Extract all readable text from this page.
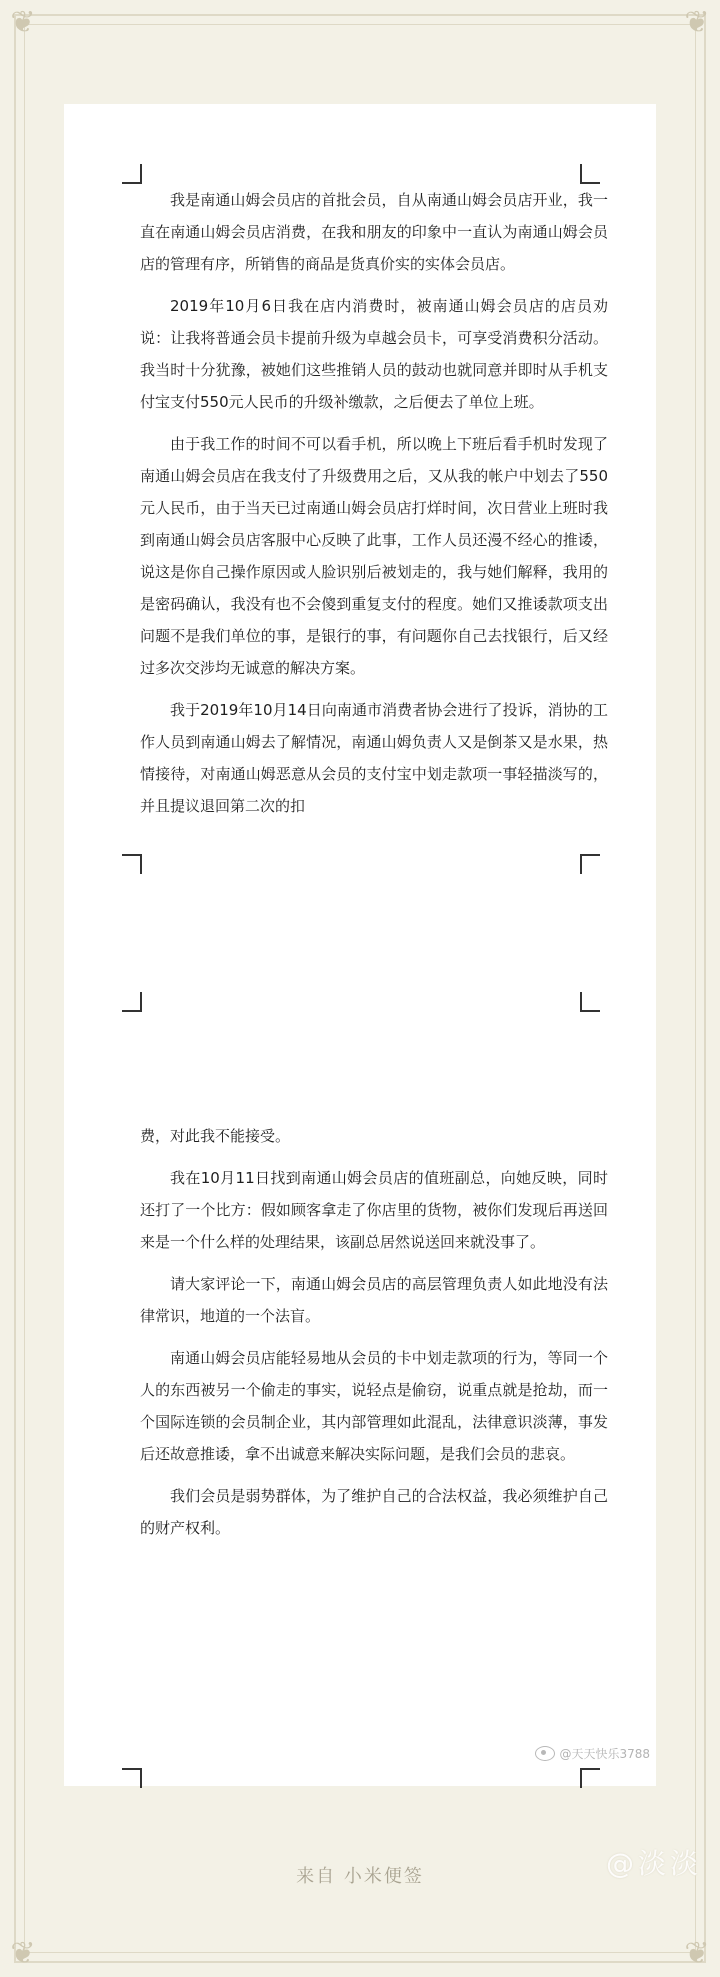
❦	❦
❦	❦

我是南通山姆会员店的首批会员，自从南通山姆会员店开业，我一直在南通山姆会员店消费，在我和朋友的印象中一直认为南通山姆会员店的管理有序，所销售的商品是货真价实的实体会员店。

2019年10月6日我在店内消费时，被南通山姆会员店的店员劝说：让我将普通会员卡提前升级为卓越会员卡，可享受消费积分活动。我当时十分犹豫，被她们这些推销人员的鼓动也就同意并即时从手机支付宝支付550元人民币的升级补缴款，之后便去了单位上班。

由于我工作的时间不可以看手机，所以晚上下班后看手机时发现了南通山姆会员店在我支付了升级费用之后，又从我的帐户中划去了550元人民币，由于当天已过南通山姆会员店打烊时间，次日营业上班时我到南通山姆会员店客服中心反映了此事，工作人员还漫不经心的推诿，说这是你自己操作原因或人脸识别后被划走的，我与她们解释，我用的是密码确认，我没有也不会傻到重复支付的程度。她们又推诿款项支出问题不是我们单位的事，是银行的事，有问题你自己去找银行，后又经过多次交涉均无诚意的解决方案。

我于2019年10月14日向南通市消费者协会进行了投诉，消协的工作人员到南通山姆去了解情况，南通山姆负责人又是倒茶又是水果，热情接待，对南通山姆恶意从会员的支付宝中划走款项一事轻描淡写的，并且提议退回第二次的扣

费，对此我不能接受。

我在10月11日找到南通山姆会员店的值班副总，向她反映，同时还打了一个比方：假如顾客拿走了你店里的货物，被你们发现后再送回来是一个什么样的处理结果，该副总居然说送回来就没事了。

请大家评论一下，南通山姆会员店的高层管理负责人如此地没有法律常识，地道的一个法盲。

南通山姆会员店能轻易地从会员的卡中划走款项的行为，等同一个人的东西被另一个偷走的事实，说轻点是偷窃，说重点就是抢劫，而一个国际连锁的会员制企业，其内部管理如此混乱，法律意识淡薄，事发后还故意推诿，拿不出诚意来解决实际问题，是我们会员的悲哀。

我们会员是弱势群体，为了维护自己的合法权益，我必须维护自己的财产权利。

@天天快乐3788
来自 小米便签	@淡淡
